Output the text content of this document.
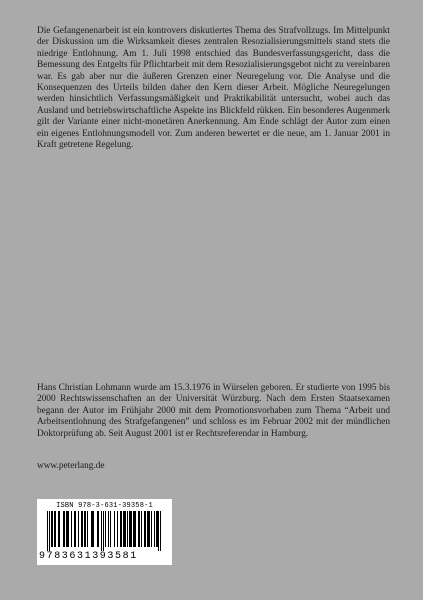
Die Gefangenenarbeit ist ein kontrovers diskutiertes Thema des Strafvollzugs. Im Mittelpunkt der Diskussion um die Wirksamkeit dieses zentralen Resozialisierungsmittels stand stets die niedrige Entlohnung. Am 1. Juli 1998 entschied das Bundesverfassungsgericht, dass die Bemessung des Entgelts für Pflichtarbeit mit dem Resozialisierungsgebot nicht zu vereinbaren war. Es gab aber nur die äußeren Grenzen einer Neuregelung vor. Die Analyse und die Konsequenzen des Urteils bilden daher den Kern dieser Arbeit. Mögliche Neuregelungen werden hinsichtlich Verfassungsmäßigkeit und Praktikabilität untersucht, wobei auch das Ausland und betriebswirtschaftliche Aspekte ins Blickfeld rükken. Ein besonderes Augenmerk gilt der Variante einer nicht-monetären Anerkennung. Am Ende schlägt der Autor zum einen ein eigenes Entlohnungsmodell vor. Zum anderen bewertet er die neue, am 1. Januar 2001 in Kraft getretene Regelung.

Hans Christian Lohmann wurde am 15.3.1976 in Würselen geboren. Er studierte von 1995 bis 2000 Rechtswissenschaften an der Universität Würzburg. Nach dem Ersten Staatsexamen begann der Autor im Frühjahr 2000 mit dem Promotionsvorhaben zum Thema “Arbeit und Arbeitsentlohnung des Strafgefangenen” und schloss es im Februar 2002 mit der mündlichen Doktorprüfung ab. Seit August 2001 ist er Rechtsreferendar in Hamburg.

www.peterlang.de

ISBN 978-3-631-39358-1
9783631393581
